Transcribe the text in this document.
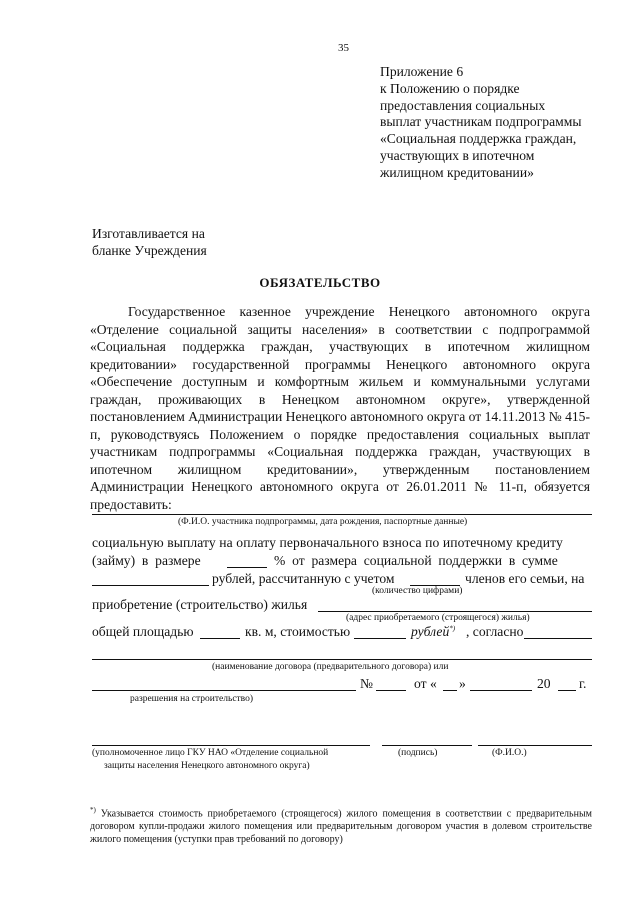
35
Приложение 6
к Положению о порядке
предоставления социальных
выплат участникам подпрограммы
«Социальная поддержка граждан,
участвующих в ипотечном
жилищном кредитовании»
Изготавливается на
бланке Учреждения
ОБЯЗАТЕЛЬСТВО
Государственное казенное учреждение Ненецкого автономного округа «Отделение социальной защиты населения» в соответствии с подпрограммой «Социальная поддержка граждан, участвующих в ипотечном жилищном кредитовании» государственной программы Ненецкого автономного округа «Обеспечение доступным и комфортным жильем и коммунальными услугами граждан, проживающих в Ненецком автономном округе», утвержденной постановлением Администрации Ненецкого автономного округа от 14.11.2013 № 415-п, руководствуясь Положением о порядке предоставления социальных выплат участникам подпрограммы «Социальная поддержка граждан, участвующих в ипотечном жилищном кредитовании», утвержденным постановлением Администрации Ненецкого автономного округа от 26.01.2011 № 11-п, обязуется предоставить:
(Ф.И.О. участника подпрограммы, дата рождения, паспортные данные)
социальную выплату на оплату первоначального взноса по ипотечному кредиту
(займу)  в  размере	%  от  размера  социальной  поддержки  в  сумме
рублей, рассчитанную с учетом	членов его семьи, на
(количество цифрами)
приобретение (строительство) жилья
(адрес приобретаемого (строящегося) жилья)
общей площадью	кв. м, стоимостью	рублей*) , согласно
(наименование договора (предварительного договора) или
№	от « »	20 г.
разрешения на строительство)
(уполномоченное лицо ГКУ НАО «Отделение социальной
защиты населения Ненецкого автономного округа)
(подпись)	(Ф.И.О.)
*) Указывается стоимость приобретаемого (строящегося) жилого помещения в соответствии с предварительным договором купли-продажи жилого помещения или предварительным договором участия в долевом строительстве жилого помещения (уступки прав требований по договору)
